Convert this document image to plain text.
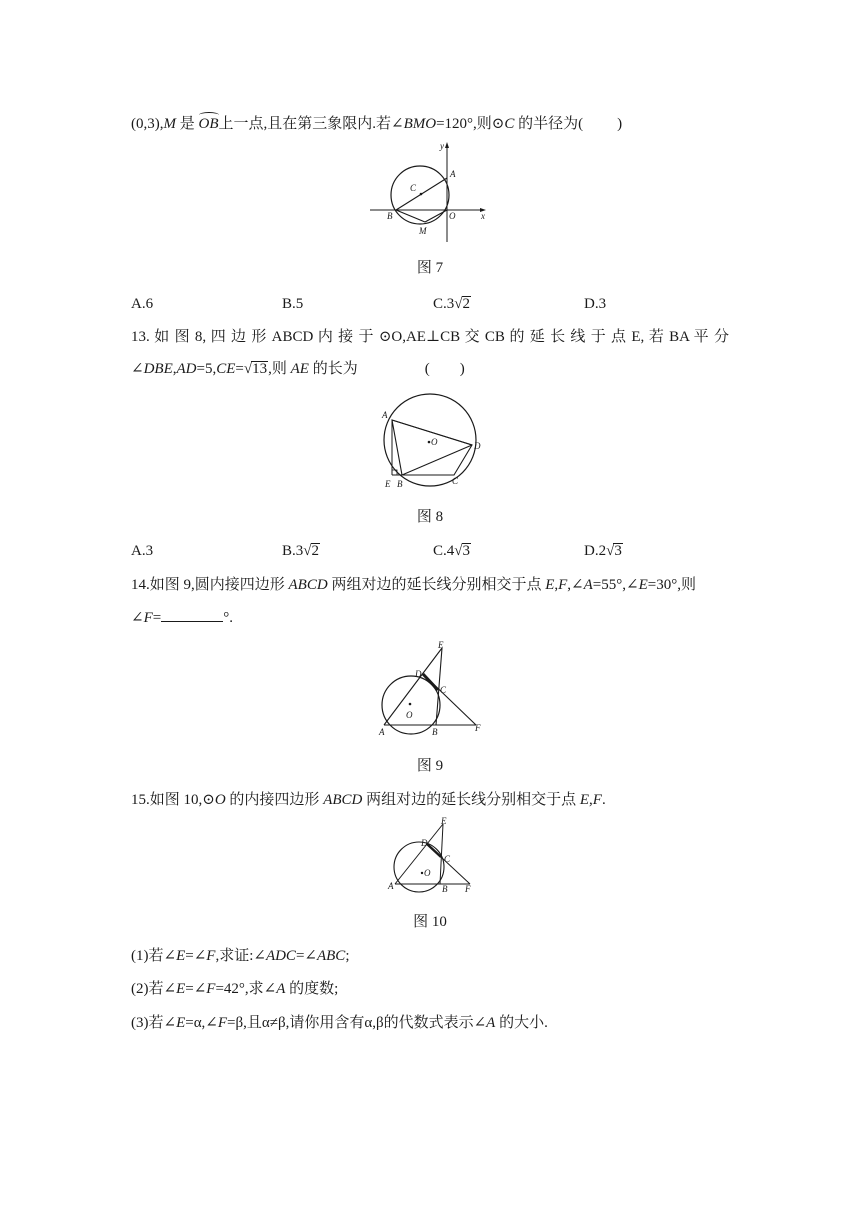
(0,3),M 是 OB上一点,且在第三象限内.若∠BMO=120°,则⊙C 的半径为( )
y
x
A
C
B	O
M
图 7
A.6	B.5	C.3√2	D.3
13. 如 图 8, 四 边 形 ABCD 内 接 于 ⊙O,AE⊥CB 交 CB 的 延 长 线 于 点 E, 若 BA 平 分
∠DBE,AD=5,CE=√13,则 AE 的长为	( )
A
O	D
E B	C
图 8
A.3	B.3√2	C.4√3	D.2√3
14.如图 9,圆内接四边形 ABCD 两组对边的延长线分别相交于点 E,F,∠A=55°,∠E=30°,则
∠F=	°.
E
D
C
O
A	B	F
图 9
15.如图 10,⊙O 的内接四边形 ABCD 两组对边的延长线分别相交于点 E,F.
E
D
C
O
A	B F
图 10
(1)若∠E=∠F,求证:∠ADC=∠ABC;
(2)若∠E=∠F=42°,求∠A 的度数;
(3)若∠E=α,∠F=β,且α≠β,请你用含有α,β的代数式表示∠A 的大小.
